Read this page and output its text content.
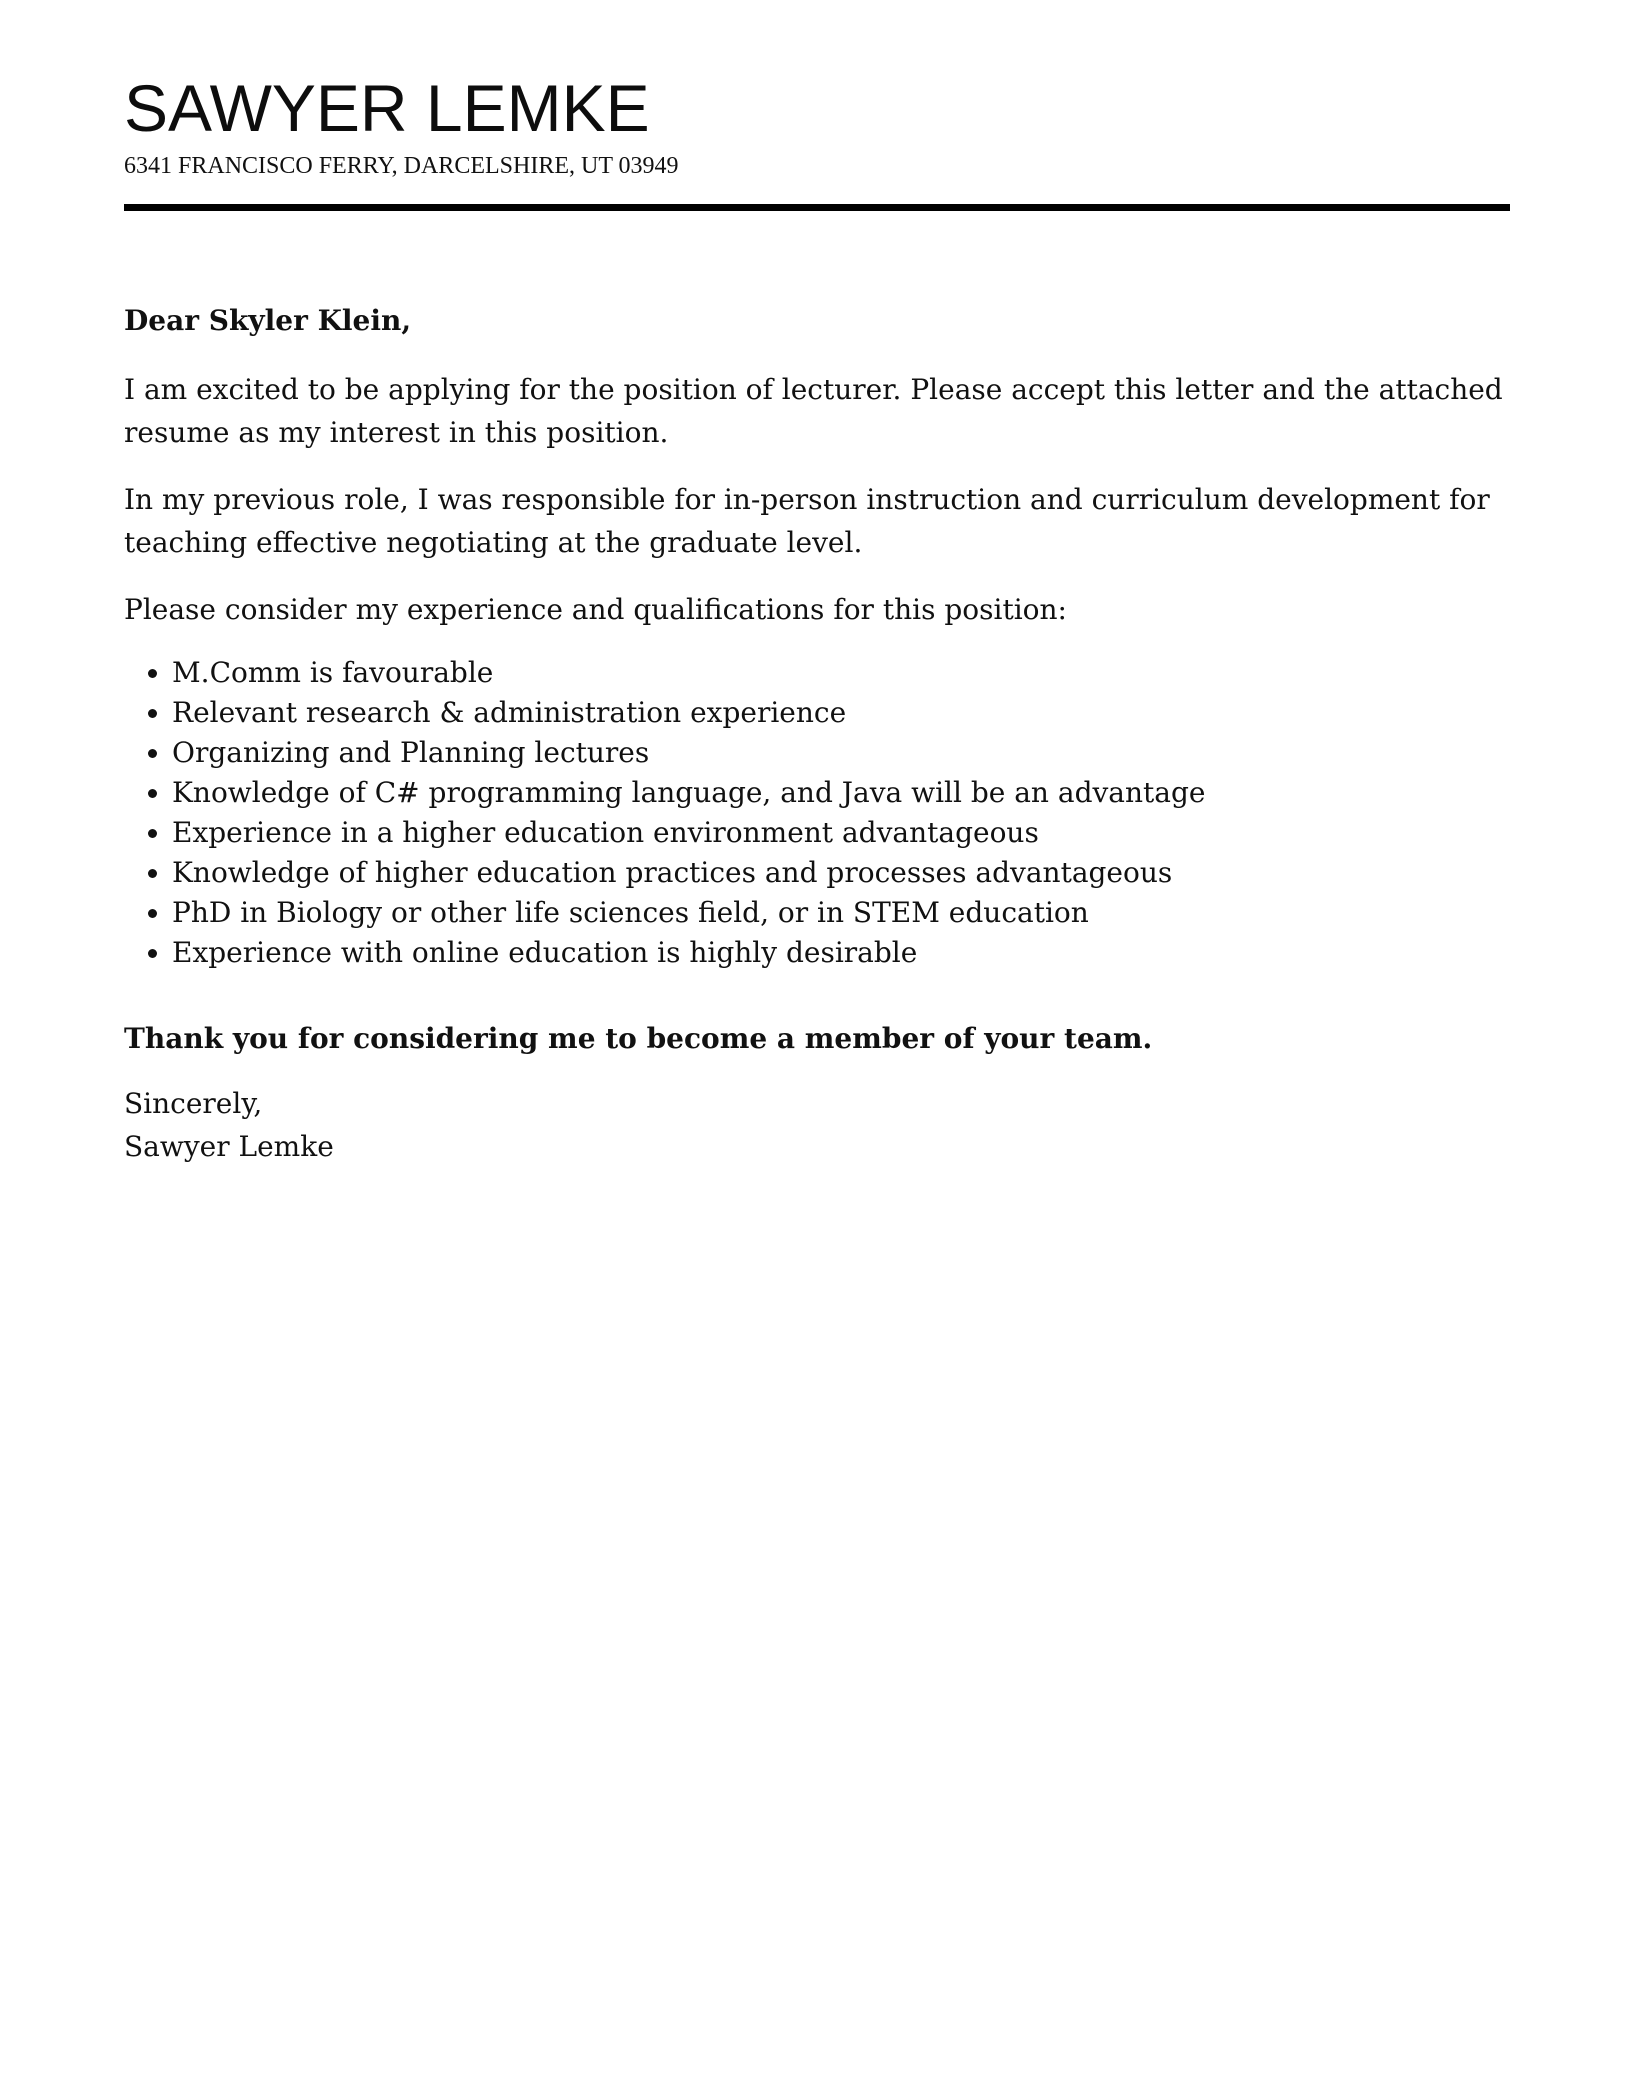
SAWYER LEMKE
6341 FRANCISCO FERRY, DARCELSHIRE, UT 03949
Dear Skyler Klein,
I am excited to be applying for the position of lecturer. Please accept this letter and the attached resume as my interest in this position.
In my previous role, I was responsible for in-person instruction and curriculum development for teaching effective negotiating at the graduate level.
Please consider my experience and qualifications for this position:
• M.Comm is favourable
• Relevant research & administration experience
• Organizing and Planning lectures
• Knowledge of C# programming language, and Java will be an advantage
• Experience in a higher education environment advantageous
• Knowledge of higher education practices and processes advantageous
• PhD in Biology or other life sciences field, or in STEM education
• Experience with online education is highly desirable
Thank you for considering me to become a member of your team.
Sincerely,
Sawyer Lemke
